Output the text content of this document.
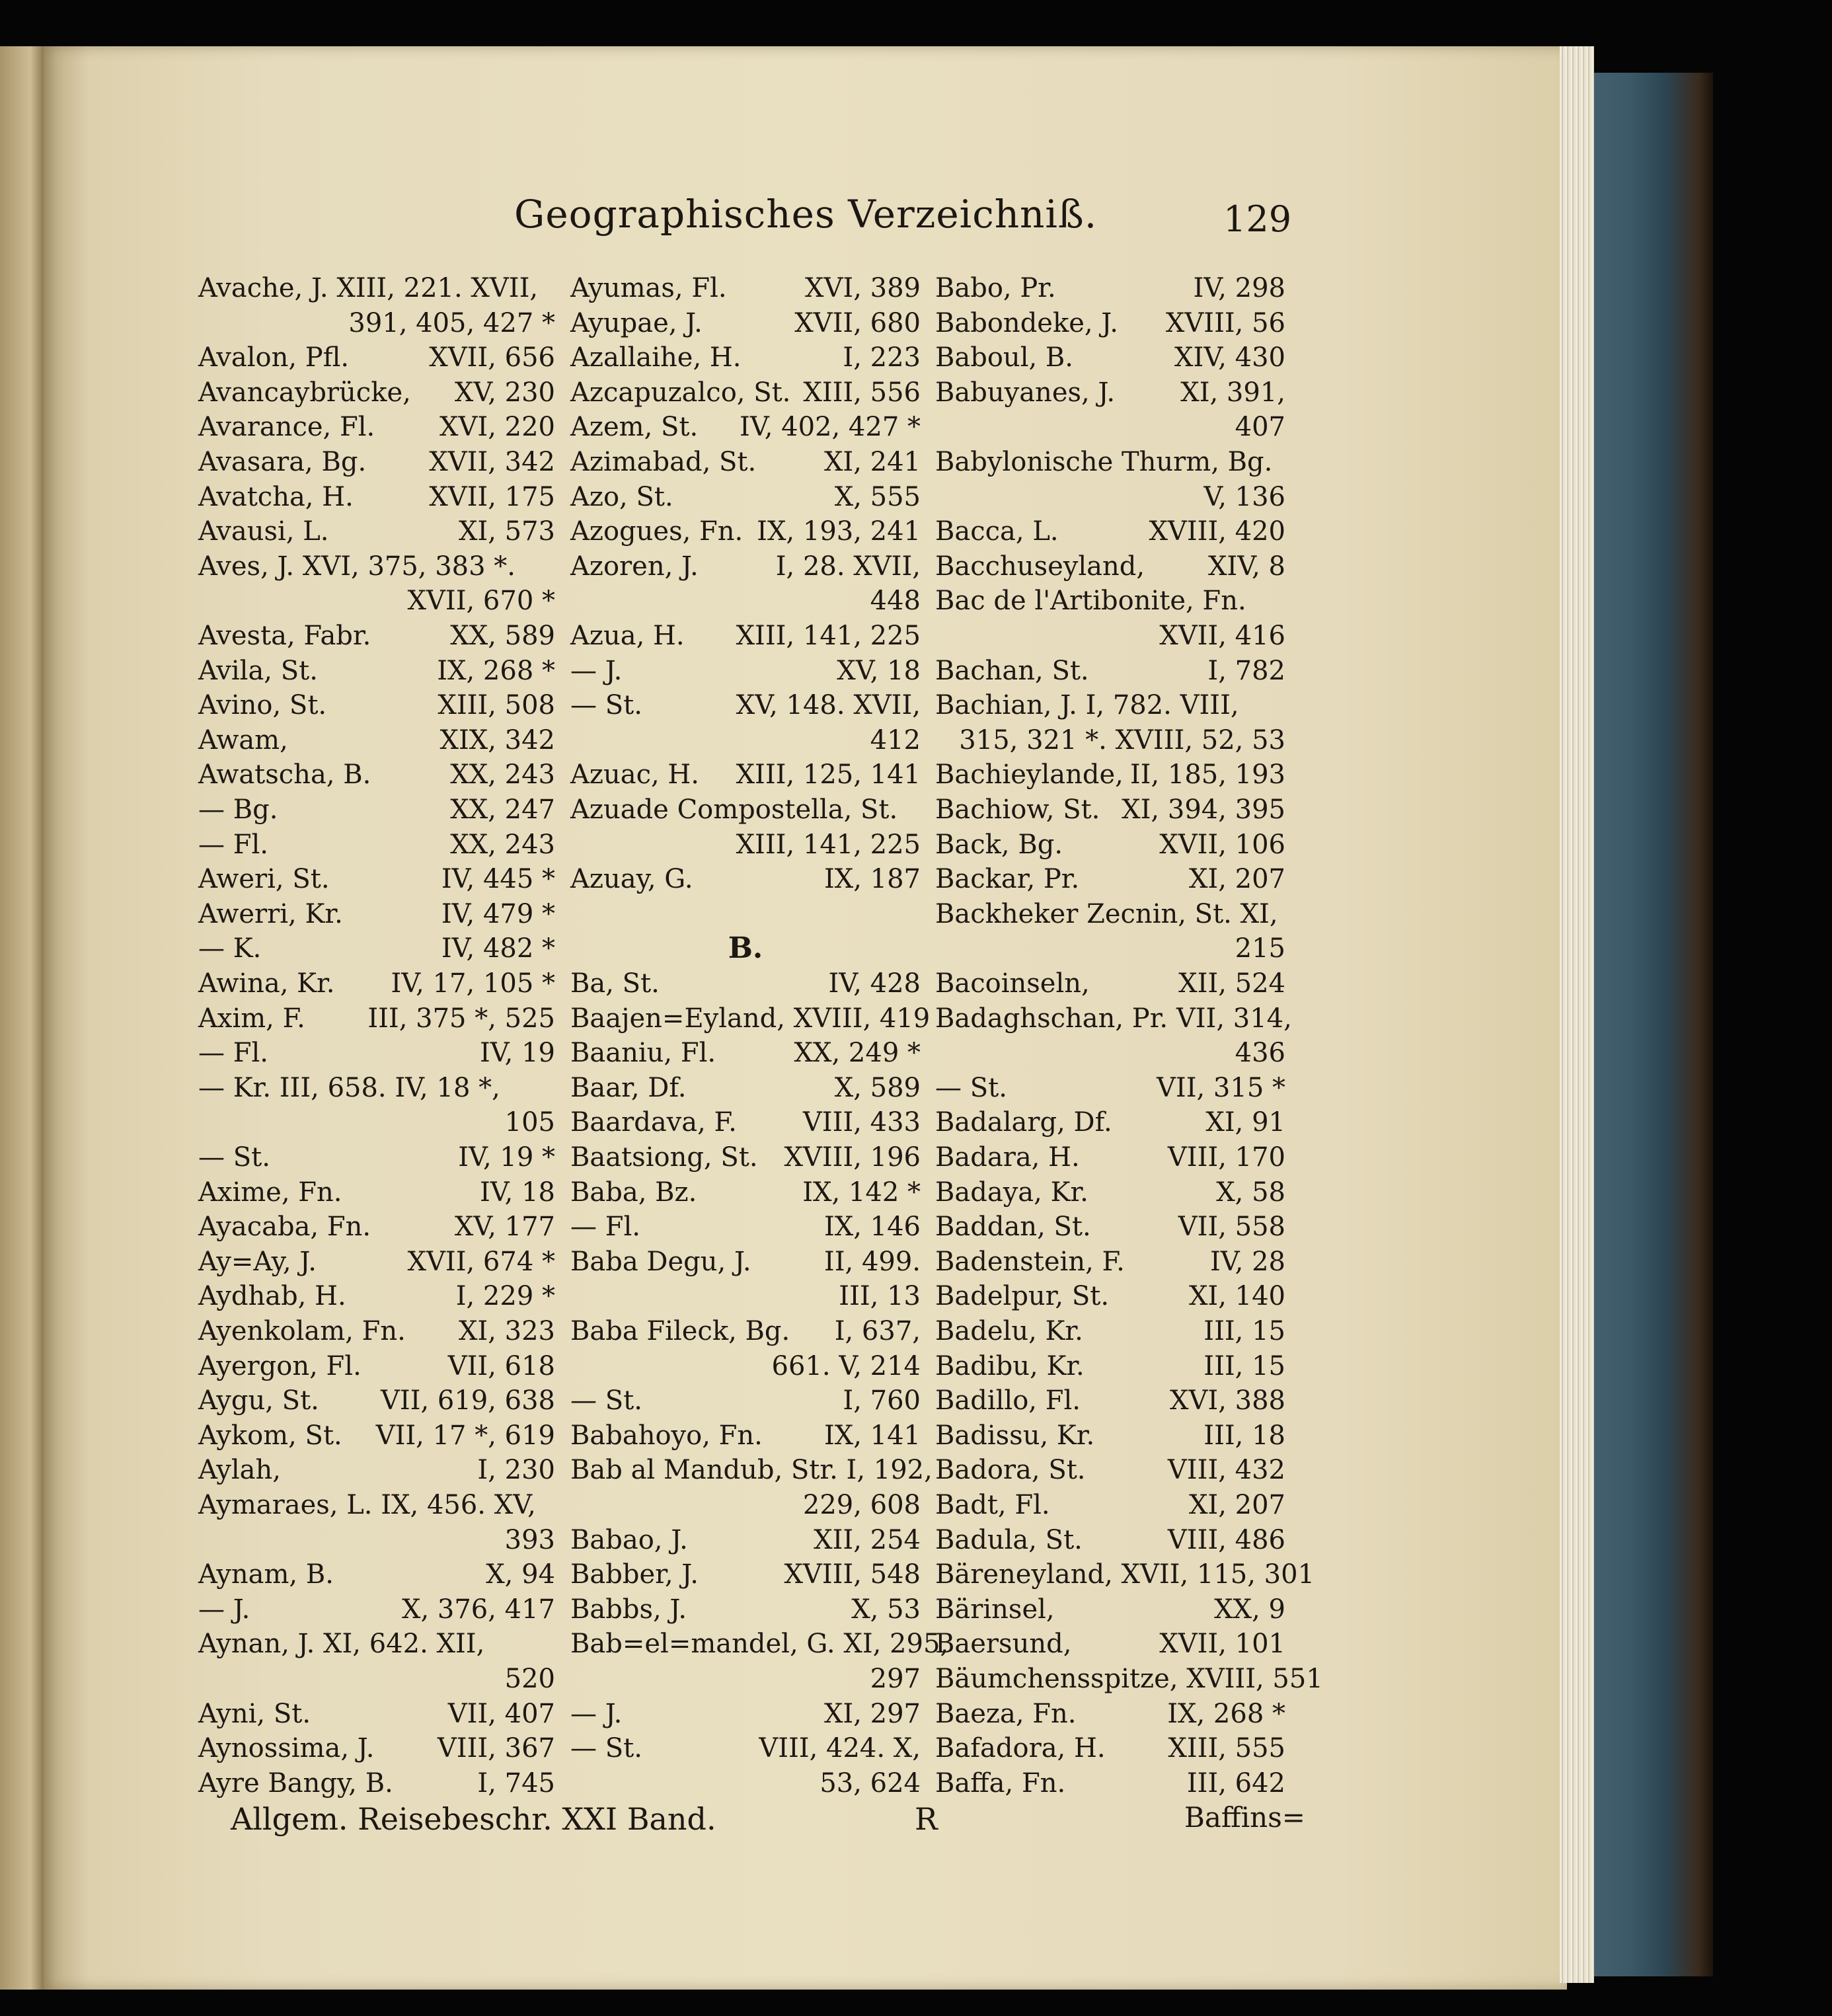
Geographisches Verzeichniß.	129
Avache, J. XIII, 221. XVII,
391, 405, 427 *
Avalon, Pfl.	XVII, 656
Avancaybrücke, XV, 230
Avarance, Fl. XVI, 220
Avasara, Bg. XVII, 342
Avatcha, H.	XVII, 175
Avausi, L.	XI, 573
Aves, J. XVI, 375, 383 *.
XVII, 670 *
Avesta, Fabr.	XX, 589
Avila, St.	IX, 268 *
Avino, St.	XIII, 508
Awam,	XIX, 342
Awatscha, B.	XX, 243
— Bg.	XX, 247
— Fl.	XX, 243
Aweri, St.	IV, 445 *
Awerri, Kr.	IV, 479 *
— K.	IV, 482 *
Awina, Kr. IV, 17, 105 *
Axim, F. III, 375 *, 525
— Fl.	IV, 19
— Kr. III, 658. IV, 18 *,
105
— St.	IV, 19 *
Axime, Fn.	IV, 18
Ayacaba, Fn.	XV, 177
Ay=Ay, J.	XVII, 674 *
Aydhab, H.	I, 229 *
Ayenkolam, Fn. XI, 323
Ayergon, Fl.	VII, 618
Aygu, St. VII, 619, 638
Aykom, St. VII, 17 *, 619
Aylah,	I, 230
Aymaraes, L. IX, 456. XV,
393
Aynam, B.	X, 94
— J.	X, 376, 417
Aynan, J. XI, 642. XII,
520
Ayni, St.	VII, 407
Aynossima, J. VIII, 367
Ayre Bangy, B.	I, 745
Ayumas, Fl.	XVI, 389
Ayupae, J.	XVII, 680
Azallaihe, H.	I, 223
Azcapuzalco, St. XIII, 556
Azem, St. IV, 402, 427 *
Azimabad, St.	XI, 241
Azo, St.	X, 555
Azogues, Fn. IX, 193, 241
Azoren, J.	I, 28. XVII,
448
Azua, H. XIII, 141, 225
— J.	XV, 18
— St.	XV, 148. XVII,
412
Azuac, H. XIII, 125, 141
Azuade Compostella, St.
XIII, 141, 225
Azuay, G.	IX, 187
B.
Ba, St.	IV, 428
Baajen=Eyland, XVIII, 419
Baaniu, Fl.	XX, 249 *
Baar, Df.	X, 589
Baardava, F.	VIII, 433
Baatsiong, St. XVIII, 196
Baba, Bz.	IX, 142 *
— Fl.	IX, 146
Baba Degu, J.	II, 499.
III, 13
Baba Fileck, Bg. I, 637,
661. V, 214
— St.	I, 760
Babahoyo, Fn. IX, 141
Bab al Mandub, Str. I, 192,
229, 608
Babao, J.	XII, 254
Babber, J.	XVIII, 548
Babbs, J.	X, 53
Bab=el=mandel, G. XI, 295,
297
— J.	XI, 297
— St.	VIII, 424. X,
53, 624
Babo, Pr.	IV, 298
Babondeke, J. XVIII, 56
Baboul, B.	XIV, 430
Babuyanes, J. XI, 391,
407
Babylonische Thurm, Bg.
V, 136
Bacca, L.	XVIII, 420
Bacchuseyland, XIV, 8
Bac de l'Artibonite, Fn.
XVII, 416
Bachan, St.	I, 782
Bachian, J. I, 782. VIII,
315, 321 *. XVIII, 52, 53
Bachieylande, II, 185, 193
Bachiow, St. XI, 394, 395
Back, Bg.	XVII, 106
Backar, Pr.	XI, 207
Backheker Zecnin, St. XI,
215
Bacoinseln,	XII, 524
Badaghschan, Pr. VII, 314,
436
— St.	VII, 315 *
Badalarg, Df.	XI, 91
Badara, H.	VIII, 170
Badaya, Kr.	X, 58
Baddan, St.	VII, 558
Badenstein, F.	IV, 28
Badelpur, St.	XI, 140
Badelu, Kr.	III, 15
Badibu, Kr.	III, 15
Badillo, Fl.	XVI, 388
Badissu, Kr.	III, 18
Badora, St.	VIII, 432
Badt, Fl.	XI, 207
Badula, St.	VIII, 486
Bäreneyland, XVII, 115, 301
Bärinsel,	XX, 9
Baersund,	XVII, 101
Bäumchensspitze, XVIII, 551
Baeza, Fn.	IX, 268 *
Bafadora, H. XIII, 555
Baffa, Fn.	III, 642
Allgem. Reisebeschr. XXI Band.	R	Baffins=
